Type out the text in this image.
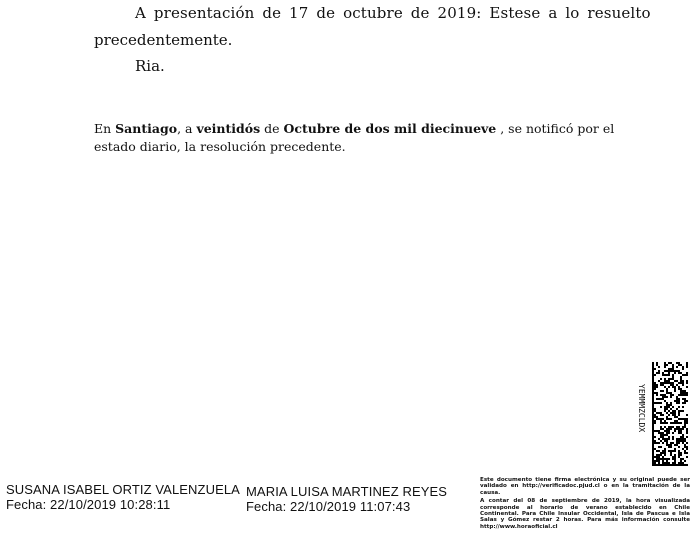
A presentación de 17 de octubre de 2019: Estese a lo resuelto
precedentemente.
Ria.
En Santiago, a veintidós de Octubre de dos mil diecinueve , se notificó por el
estado diario, la resolución precedente.
SUSANA ISABEL ORTIZ VALENZUELA
Fecha: 22/10/2019 10:28:11
MARIA LUISA MARTINEZ REYES
Fecha: 22/10/2019 11:07:43

Este documento tiene firma electrónica y su original puede ser validado en http://verificadoc.pjud.cl o en la tramitación de la causa.

A contar del 08 de septiembre de 2019, la hora visualizada corresponde al horario de verano establecido en Chile Continental. Para Chile Insular Occidental, Isla de Pascua e Isla Salas y Gómez restar 2 horas. Para más información consulte http://www.horaoficial.cl

YEMMMZCLDX
